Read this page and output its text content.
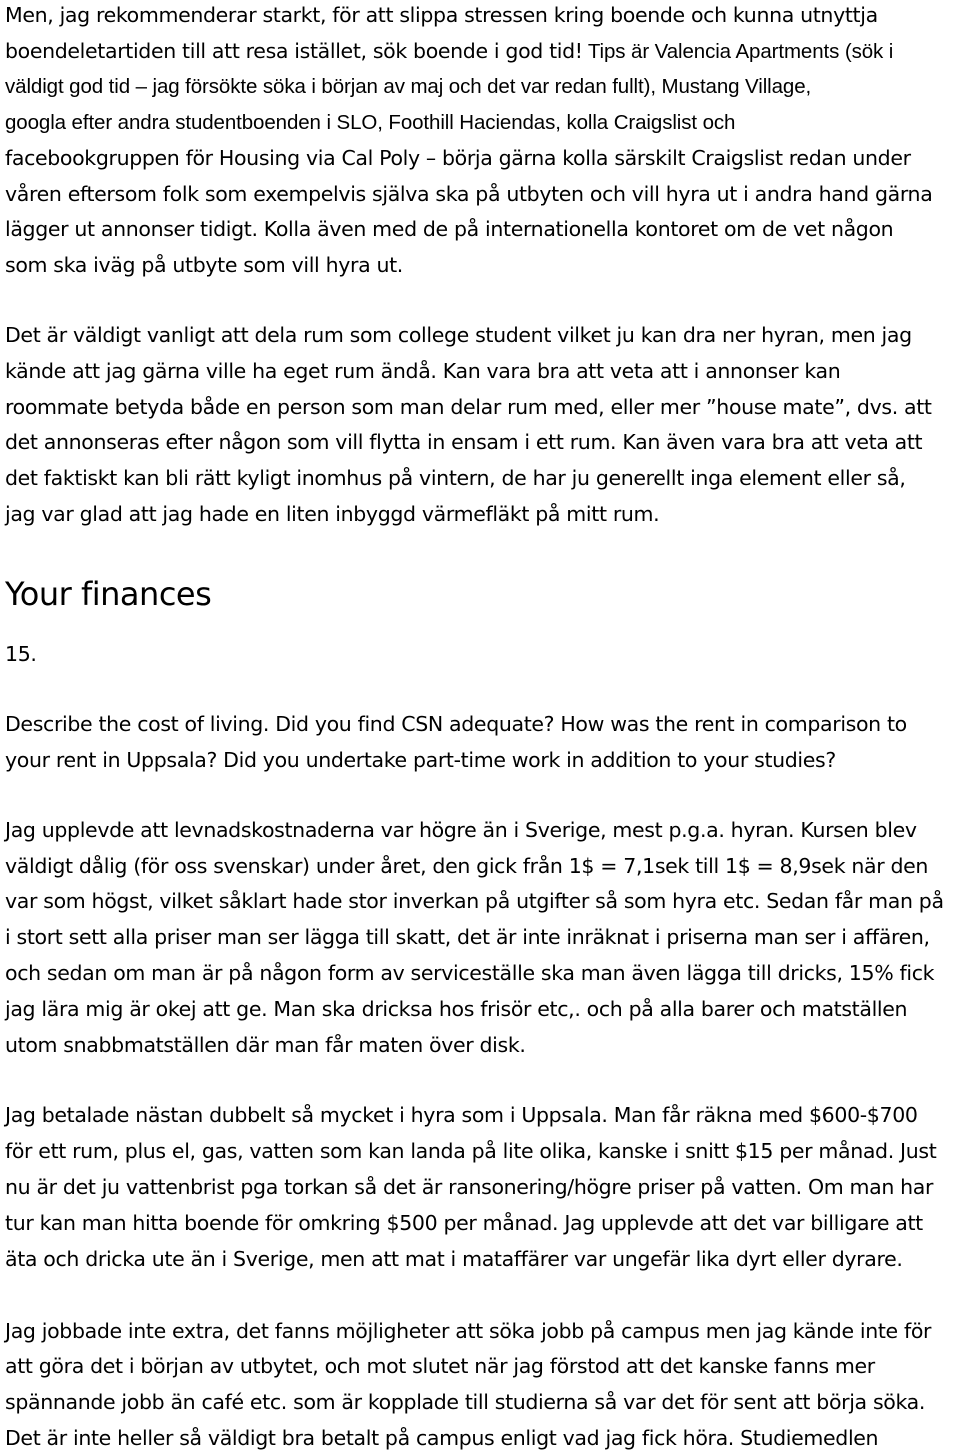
Men, jag rekommenderar starkt, för att slippa stressen kring boende och kunna utnyttja
boendeletartiden till att resa istället, sök boende i god tid! Tips är Valencia Apartments (sök i
väldigt god tid – jag försökte söka i början av maj och det var redan fullt), Mustang Village,
googla efter andra studentboenden i SLO, Foothill Haciendas, kolla Craigslist och
facebookgruppen för Housing via Cal Poly – börja gärna kolla särskilt Craigslist redan under
våren eftersom folk som exempelvis själva ska på utbyten och vill hyra ut i andra hand gärna
lägger ut annonser tidigt. Kolla även med de på internationella kontoret om de vet någon
som ska iväg på utbyte som vill hyra ut.
Det är väldigt vanligt att dela rum som college student vilket ju kan dra ner hyran, men jag
kände att jag gärna ville ha eget rum ändå. Kan vara bra att veta att i annonser kan
roommate betyda både en person som man delar rum med, eller mer ”house mate”, dvs. att
det annonseras efter någon som vill flytta in ensam i ett rum. Kan även vara bra att veta att
det faktiskt kan bli rätt kyligt inomhus på vintern, de har ju generellt inga element eller så,
jag var glad att jag hade en liten inbyggd värmefläkt på mitt rum.
Your finances
15.
Describe the cost of living. Did you find CSN adequate? How was the rent in comparison to
your rent in Uppsala? Did you undertake part-time work in addition to your studies?
Jag upplevde att levnadskostnaderna var högre än i Sverige, mest p.g.a. hyran. Kursen blev
väldigt dålig (för oss svenskar) under året, den gick från 1$ = 7,1sek till 1$ = 8,9sek när den
var som högst, vilket såklart hade stor inverkan på utgifter så som hyra etc. Sedan får man på
i stort sett alla priser man ser lägga till skatt, det är inte inräknat i priserna man ser i affären,
och sedan om man är på någon form av serviceställe ska man även lägga till dricks, 15% fick
jag lära mig är okej att ge. Man ska dricksa hos frisör etc,. och på alla barer och matställen
utom snabbmatställen där man får maten över disk.
Jag betalade nästan dubbelt så mycket i hyra som i Uppsala. Man får räkna med $600-$700
för ett rum, plus el, gas, vatten som kan landa på lite olika, kanske i snitt $15 per månad. Just
nu är det ju vattenbrist pga torkan så det är ransonering/högre priser på vatten. Om man har
tur kan man hitta boende för omkring $500 per månad. Jag upplevde att det var billigare att
äta och dricka ute än i Sverige, men att mat i mataffärer var ungefär lika dyrt eller dyrare.
Jag jobbade inte extra, det fanns möjligheter att söka jobb på campus men jag kände inte för
att göra det i början av utbytet, och mot slutet när jag förstod att det kanske fanns mer
spännande jobb än café etc. som är kopplade till studierna så var det för sent att börja söka.
Det är inte heller så väldigt bra betalt på campus enligt vad jag fick höra. Studiemedlen
